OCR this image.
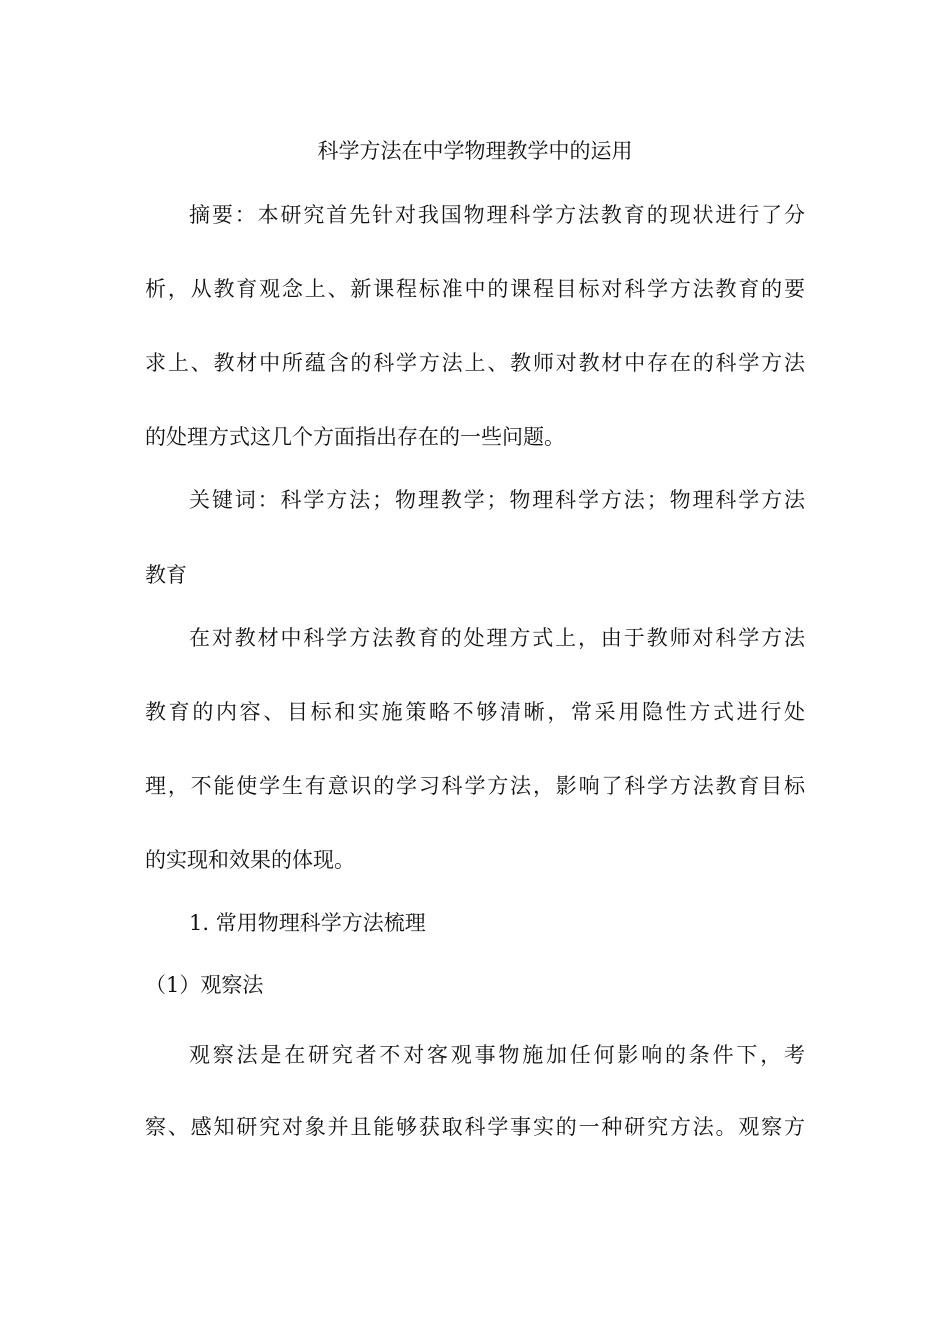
科学方法在中学物理教学中的运用
摘要：本研究首先针对我国物理科学方法教育的现状进行了分
析，从教育观念上、新课程标准中的课程目标对科学方法教育的要
求上、教材中所蕴含的科学方法上、教师对教材中存在的科学方法
的处理方式这几个方面指出存在的一些问题。
关键词：科学方法；物理教学；物理科学方法；物理科学方法
教育
在对教材中科学方法教育的处理方式上，由于教师对科学方法
教育的内容、目标和实施策略不够清晰，常采用隐性方式进行处
理，不能使学生有意识的学习科学方法，影响了科学方法教育目标
的实现和效果的体现。
1. 常用物理科学方法梳理
（1）观察法
观察法是在研究者不对客观事物施加任何影响的条件下，考
察、感知研究对象并且能够获取科学事实的一种研究方法。观察方
